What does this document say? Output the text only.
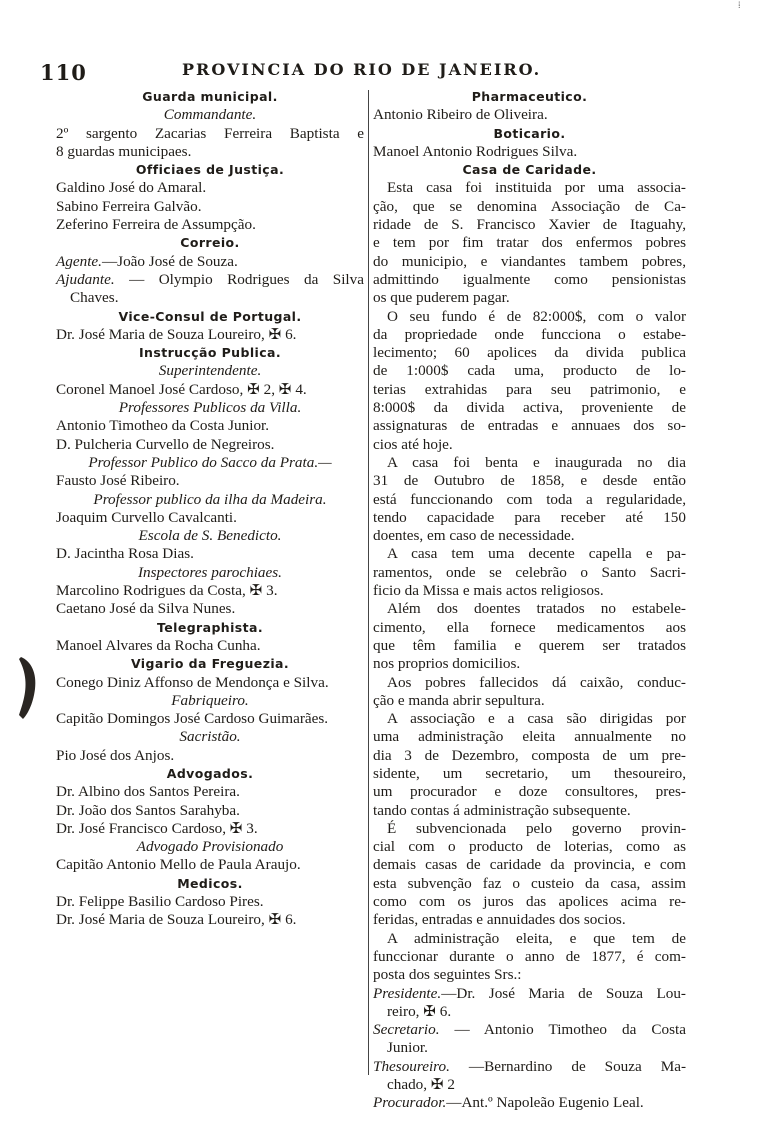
110	PROVINCIA DO RIO DE JANEIRO.
Guarda municipal.
Commandante.
2º sargento Zacarias Ferreira Baptista e
8 guardas municipaes.
Officiaes de Justiça.
Galdino José do Amaral.
Sabino Ferreira Galvão.
Zeferino Ferreira de Assumpção.
Correio.
Agente.—João José de Souza.
Ajudante. — Olympio Rodrigues da Silva
Chaves.
Vice-Consul de Portugal.
Dr. José Maria de Souza Loureiro, ✠ 6.
Instrucção Publica.
Superintendente.
Coronel Manoel José Cardoso, ✠ 2, ✠ 4.
Professores Publicos da Villa.
Antonio Timotheo da Costa Junior.
D. Pulcheria Curvello de Negreiros.
Professor Publico do Sacco da Prata.—
Fausto José Ribeiro.
Professor publico da ilha da Madeira.
Joaquim Curvello Cavalcanti.
Escola de S. Benedicto.
D. Jacintha Rosa Dias.
Inspectores parochiaes.
Marcolino Rodrigues da Costa, ✠ 3.
Caetano José da Silva Nunes.
Telegraphista.
Manoel Alvares da Rocha Cunha.
Vigario da Freguezia.
Conego Diniz Affonso de Mendonça e Silva.
Fabriqueiro.
Capitão Domingos José Cardoso Guimarães.
Sacristão.
Pio José dos Anjos.
Advogados.
Dr. Albino dos Santos Pereira.
Dr. João dos Santos Sarahyba.
Dr. José Francisco Cardoso, ✠ 3.
Advogado Provisionado
Capitão Antonio Mello de Paula Araujo.
Medicos.
Dr. Felippe Basilio Cardoso Pires.
Dr. José Maria de Souza Loureiro, ✠ 6.
Pharmaceutico.
Antonio Ribeiro de Oliveira.
Boticario.
Manoel Antonio Rodrigues Silva.
Casa de Caridade.
Esta casa foi instituida por uma associa-
ção, que se denomina Associação de Ca-
ridade de S. Francisco Xavier de Itaguahy,
e tem por fim tratar dos enfermos pobres
do municipio, e viandantes tambem pobres,
admittindo igualmente como pensionistas
os que puderem pagar.
O seu fundo é de 82:000$, com o valor
da propriedade onde funcciona o estabe-
lecimento; 60 apolices da divida publica
de 1:000$ cada uma, producto de lo-
terias extrahidas para seu patrimonio, e
8:000$ da divida activa, proveniente de
assignaturas de entradas e annuaes dos so-
cios até hoje.
A casa foi benta e inaugurada no dia
31 de Outubro de 1858, e desde então
está funccionando com toda a regularidade,
tendo capacidade para receber até 150
doentes, em caso de necessidade.
A casa tem uma decente capella e pa-
ramentos, onde se celebrão o Santo Sacri-
ficio da Missa e mais actos religiosos.
Além dos doentes tratados no estabele-
cimento, ella fornece medicamentos aos
que têm familia e querem ser tratados
nos proprios domicilios.
Aos pobres fallecidos dá caixão, conduc-
ção e manda abrir sepultura.
A associação e a casa são dirigidas por
uma administração eleita annualmente no
dia 3 de Dezembro, composta de um pre-
sidente, um secretario, um thesoureiro,
um procurador e doze consultores, pres-
tando contas á administração subsequente.
É subvencionada pelo governo provin-
cial com o producto de loterias, como as
demais casas de caridade da provincia, e com
esta subvenção faz o custeio da casa, assim
como com os juros das apolices acima re-
feridas, entradas e annuidades dos socios.
A administração eleita, e que tem de
funccionar durante o anno de 1877, é com-
posta dos seguintes Srs.:
Presidente.—Dr. José Maria de Souza Lou-
reiro, ✠ 6.
Secretario. — Antonio Timotheo da Costa
Junior.
Thesoureiro. —Bernardino de Souza Ma-
chado, ✠ 2
Procurador.—Ant.º Napoleão Eugenio Leal.
⁞
